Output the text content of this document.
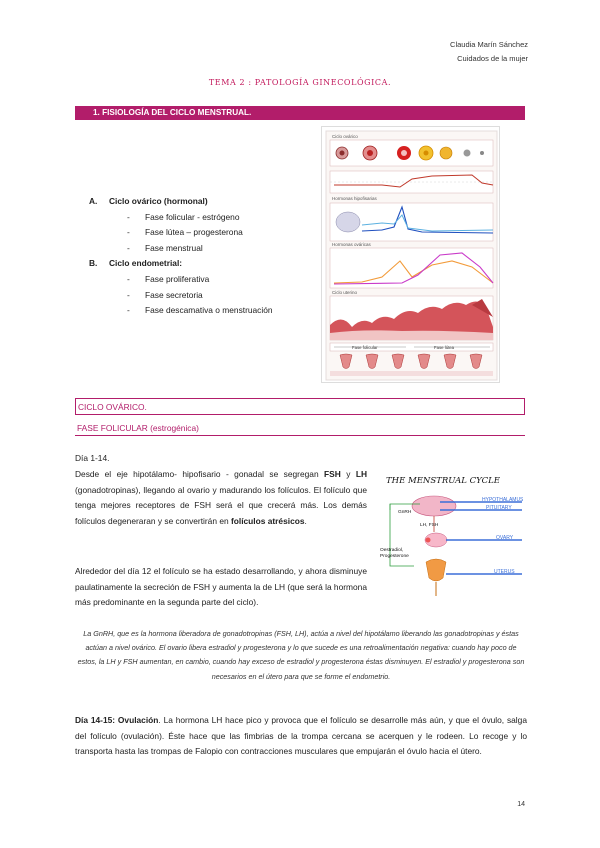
Claudia Marín Sánchez
Cuidados de la mujer
TEMA 2 : PATOLOGÍA GINECOLÓGICA.
1. FISIOLOGÍA DEL CICLO MENSTRUAL.
A. Ciclo ovárico (hormonal)
- Fase folicular - estrógeno
- Fase lútea – progesterona
- Fase menstrual
B. Ciclo endometrial:
- Fase proliferativa
- Fase secretoria
- Fase descamativa o menstruación
Ciclo ovárico
Hormonas hipofisarias
Hormonas ováricas
Ciclo uterino
Fase folicular	Fase lútea
CICLO OVÁRICO.
FASE FOLICULAR (estrogénica)
Día 1-14.
Desde el eje hipotálamo- hipofisario - gonadal se segregan FSH y LH (gonadotropinas), llegando al ovario y madurando los folículos. El folículo que tenga mejores receptores de FSH será el que crecerá más. Los demás folículos degeneraran y se convertirán en folículos atrésicos.
THE MENSTRUAL CYCLE
HYPOTHALAMUS
PITUITARY
GnRH
LH, FSH
OVARY
Oestradiol,
Progesterone
UTERUS
Alrededor del día 12 el folículo se ha estado desarrollando, y ahora disminuye paulatinamente la secreción de FSH y aumenta la de LH (que será la hormona más predominante en la segunda parte del ciclo).
La GnRH, que es la hormona liberadora de gonadotropinas (FSH, LH), actúa a nivel del hipotálamo liberando las gonadotropinas y éstas actúan a nivel ovárico. El ovario libera estradiol y progesterona y lo que sucede es una retroalimentación negativa: cuando hay poco de estos, la LH y FSH aumentan, en cambio, cuando hay exceso de estradiol y progesterona éstas disminuyen. El estradiol y progesterona son necesarios en el útero para que se forme el endometrio.
Día 14-15: Ovulación. La hormona LH hace pico y provoca que el folículo se desarrolle más aún, y que el óvulo, salga del folículo (ovulación). Éste hace que las fimbrias de la trompa cercana se acerquen y le rodeen. Lo recoge y lo transporta hasta las trompas de Falopio con contracciones musculares que empujarán el óvulo hacia el útero.
14
